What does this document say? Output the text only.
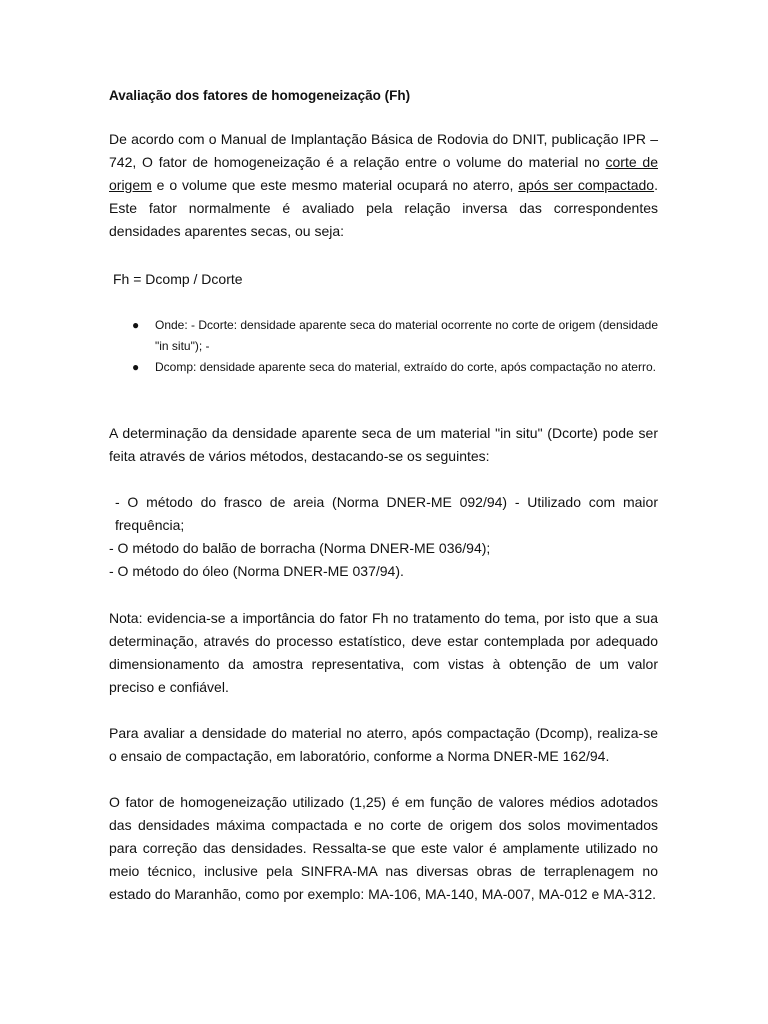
Avaliação dos fatores de homogeneização (Fh)

De acordo com o Manual de Implantação Básica de Rodovia do DNIT, publicação IPR – 742, O fator de homogeneização é a relação entre o volume do material no corte de origem e o volume que este mesmo material ocupará no aterro, após ser compactado. Este fator normalmente é avaliado pela relação inversa das correspondentes densidades aparentes secas, ou seja:

Fh = Dcomp / Dcorte

● Onde: - Dcorte: densidade aparente seca do material ocorrente no corte de origem (densidade "in situ"); -
● Dcomp: densidade aparente seca do material, extraído do corte, após compactação no aterro.

A determinação da densidade aparente seca de um material "in situ" (Dcorte) pode ser feita através de vários métodos, destacando-se os seguintes:

- O método do frasco de areia (Norma DNER-ME 092/94) - Utilizado com maior frequência;
- O método do balão de borracha (Norma DNER-ME 036/94);
- O método do óleo (Norma DNER-ME 037/94).

Nota: evidencia-se a importância do fator Fh no tratamento do tema, por isto que a sua determinação, através do processo estatístico, deve estar contemplada por adequado dimensionamento da amostra representativa, com vistas à obtenção de um valor preciso e confiável.

Para avaliar a densidade do material no aterro, após compactação (Dcomp), realiza-se o ensaio de compactação, em laboratório, conforme a Norma DNER-ME 162/94.

O fator de homogeneização utilizado (1,25) é em função de valores médios adotados das densidades máxima compactada e no corte de origem dos solos movimentados para correção das densidades. Ressalta-se que este valor é amplamente utilizado no meio técnico, inclusive pela SINFRA-MA nas diversas obras de terraplenagem no estado do Maranhão, como por exemplo: MA-106, MA-140, MA-007, MA-012 e MA-312.
